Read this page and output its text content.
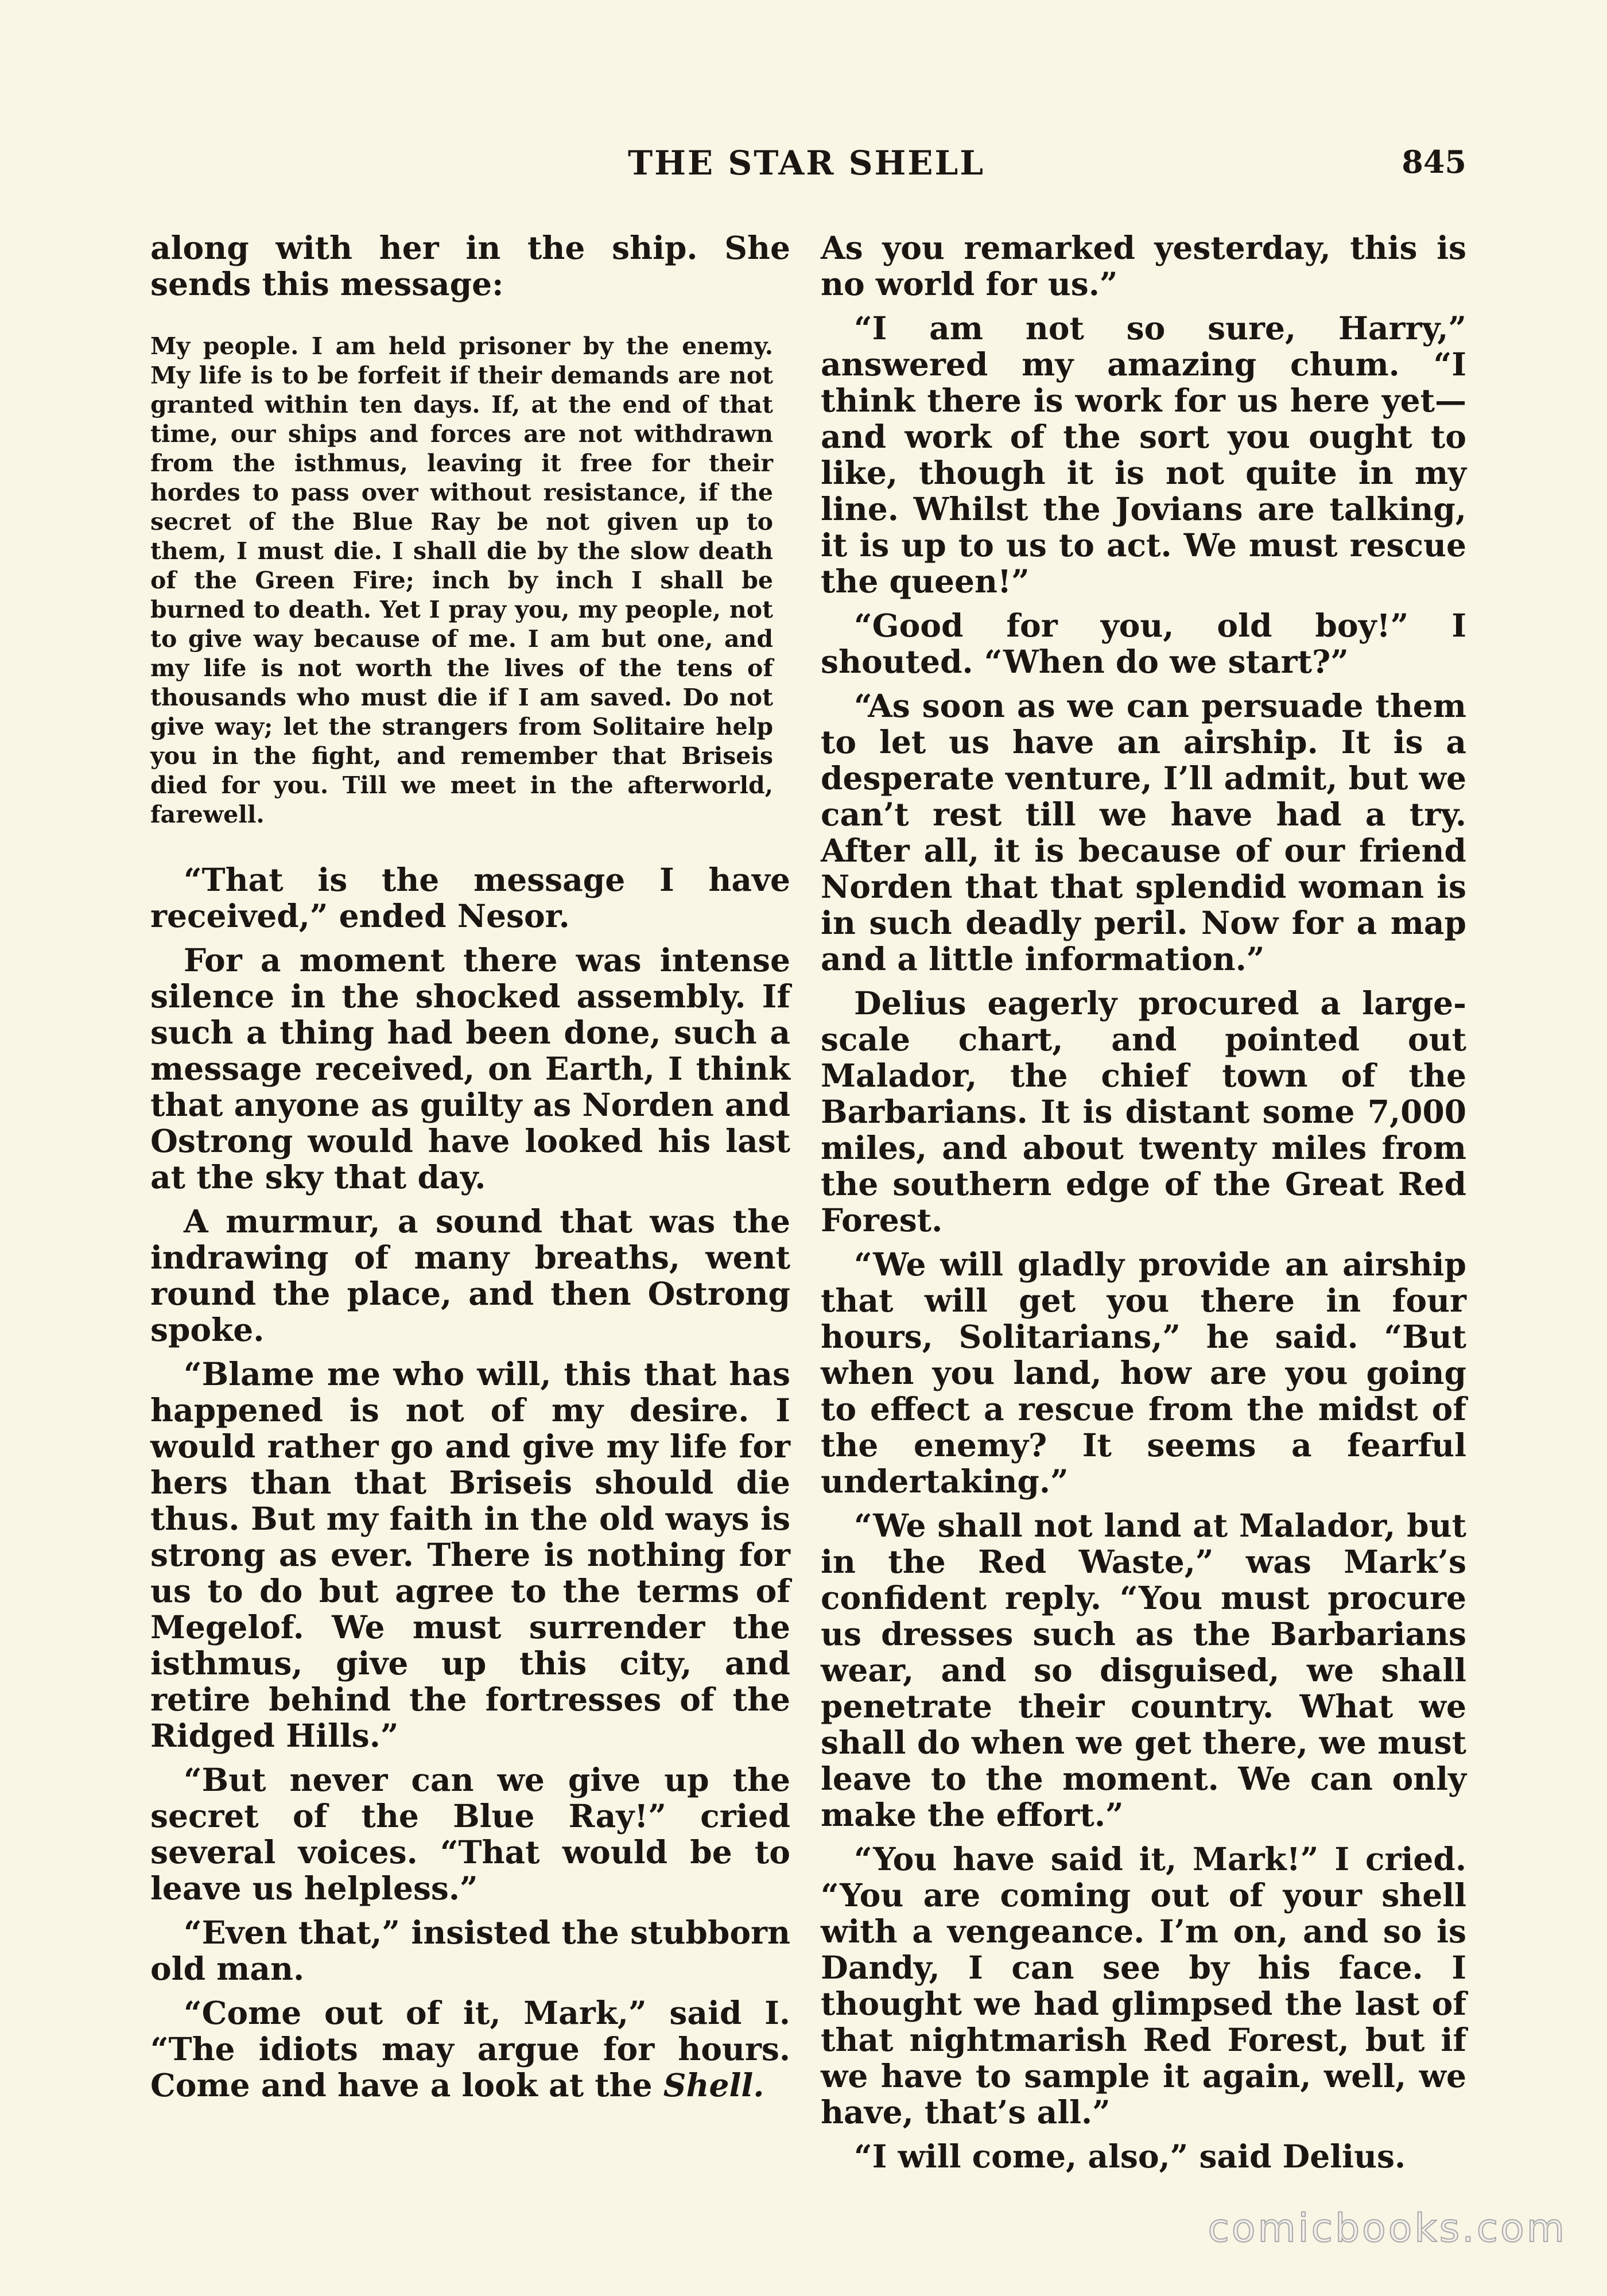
THE STAR SHELL	845

along with her in the ship. She sends this message:

My people. I am held prisoner by the enemy. My life is to be forfeit if their demands are not granted within ten days. If, at the end of that time, our ships and forces are not withdrawn from the isthmus, leaving it free for their hordes to pass over without resistance, if the secret of the Blue Ray be not given up to them, I must die. I shall die by the slow death of the Green Fire; inch by inch I shall be burned to death. Yet I pray you, my people, not to give way because of me. I am but one, and my life is not worth the lives of the tens of thousands who must die if I am saved. Do not give way; let the strangers from Solitaire help you in the fight, and remember that Briseis died for you. Till we meet in the afterworld, farewell.

“That is the message I have received,” ended Nesor.

For a moment there was intense silence in the shocked assembly. If such a thing had been done, such a message received, on Earth, I think that anyone as guilty as Norden and Ostrong would have looked his last at the sky that day.

A murmur, a sound that was the indrawing of many breaths, went round the place, and then Ostrong spoke.

“Blame me who will, this that has happened is not of my desire. I would rather go and give my life for hers than that Briseis should die thus. But my faith in the old ways is strong as ever. There is nothing for us to do but agree to the terms of Megelof. We must surrender the isthmus, give up this city, and retire behind the fortresses of the Ridged Hills.”

“But never can we give up the secret of the Blue Ray!” cried several voices. “That would be to leave us helpless.”

“Even that,” insisted the stubborn old man.

“Come out of it, Mark,” said I. “The idiots may argue for hours. Come and have a look at the Shell.

As you remarked yesterday, this is no world for us.”

“I am not so sure, Harry,” answered my amazing chum. “I think there is work for us here yet—and work of the sort you ought to like, though it is not quite in my line. Whilst the Jovians are talking, it is up to us to act. We must rescue the queen!”

“Good for you, old boy!” I shouted. “When do we start?”

“As soon as we can persuade them to let us have an airship. It is a desperate venture, I’ll admit, but we can’t rest till we have had a try. After all, it is because of our friend Norden that that splendid woman is in such deadly peril. Now for a map and a little information.”

Delius eagerly procured a large-scale chart, and pointed out Malador, the chief town of the Barbarians. It is distant some 7,000 miles, and about twenty miles from the southern edge of the Great Red Forest.

“We will gladly provide an airship that will get you there in four hours, Solitarians,” he said. “But when you land, how are you going to effect a rescue from the midst of the enemy? It seems a fearful undertaking.”

“We shall not land at Malador, but in the Red Waste,” was Mark’s confident reply. “You must procure us dresses such as the Barbarians wear, and so disguised, we shall penetrate their country. What we shall do when we get there, we must leave to the moment. We can only make the effort.”

“You have said it, Mark!” I cried. “You are coming out of your shell with a vengeance. I’m on, and so is Dandy, I can see by his face. I thought we had glimpsed the last of that nightmarish Red Forest, but if we have to sample it again, well, we have, that’s all.”

“I will come, also,” said Delius.

comicbooks.com
